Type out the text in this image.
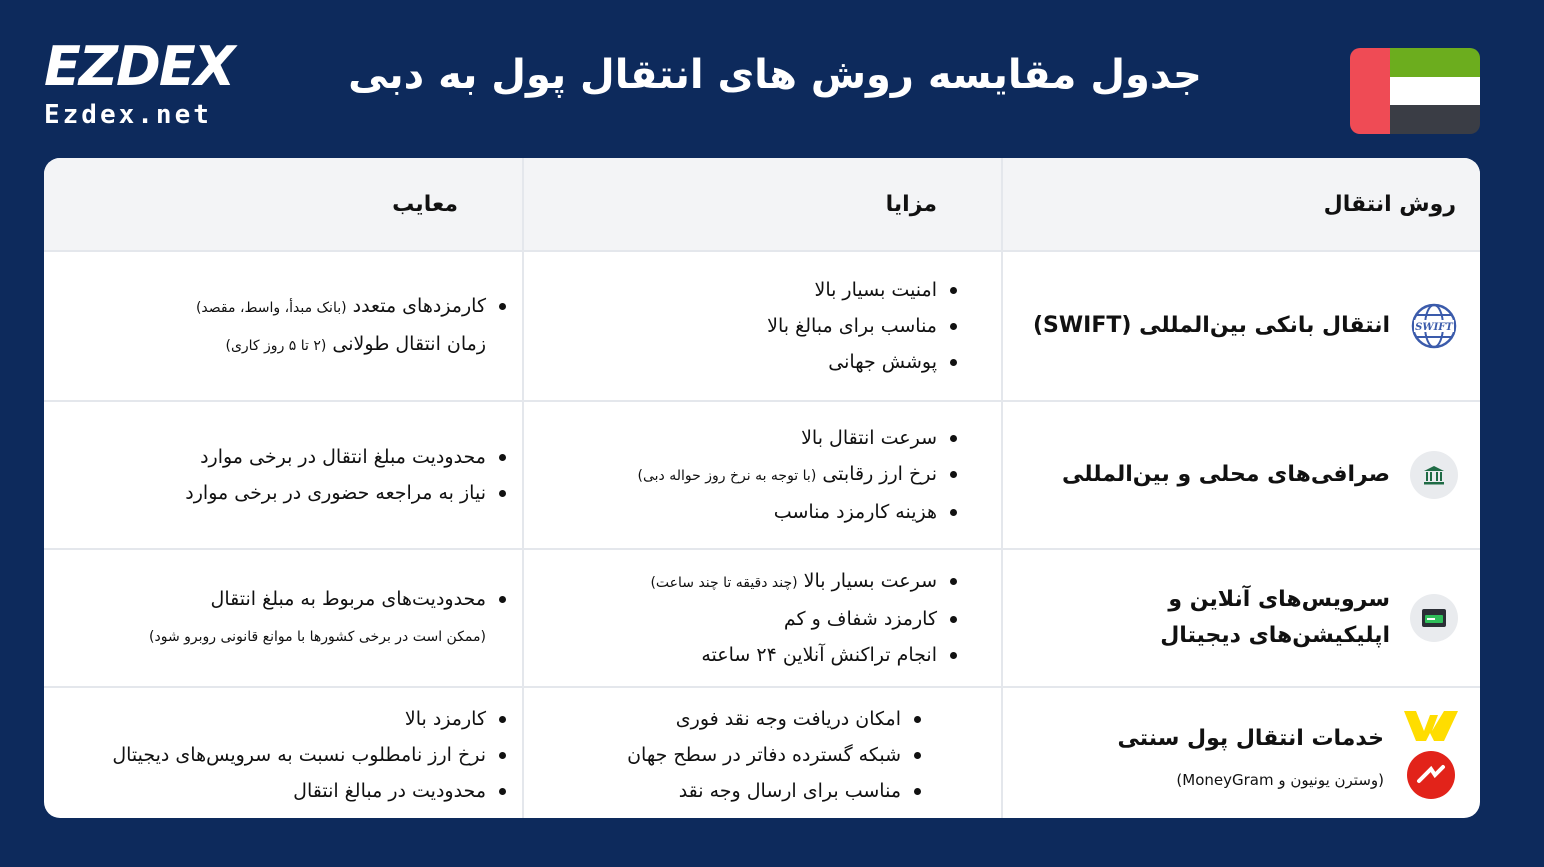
EZDEX
Ezdex.net
جدول مقایسه روش های انتقال پول به دبی
روش انتقال
مزایا
معایب
SWIFT
انتقال بانکی بین‌المللی (SWIFT)
امنیت بسیار بالا
مناسب برای مبالغ بالا
پوشش جهانی
کارمزدهای متعدد (بانک مبدأ، واسط، مقصد)
زمان انتقال طولانی (۲ تا ۵ روز کاری)
صرافی‌های محلی و بین‌المللی
سرعت انتقال بالا
نرخ ارز رقابتی (با توجه به نرخ روز حواله دبی)
هزینه کارمزد مناسب
محدودیت مبلغ انتقال در برخی موارد
نیاز به مراجعه حضوری در برخی موارد
سرویس‌های آنلاین و اپلیکیشن‌های دیجیتال
سرعت بسیار بالا (چند دقیقه تا چند ساعت)
کارمزد شفاف و کم
انجام تراکنش آنلاین ۲۴ ساعته
محدودیت‌های مربوط به مبلغ انتقال
(ممکن است در برخی کشورها با موانع قانونی روبرو شود)
خدمات انتقال پول سنتی
(وسترن یونیون و MoneyGram)
امکان دریافت وجه نقد فوری
شبکه گسترده دفاتر در سطح جهان
مناسب برای ارسال وجه نقد
کارمزد بالا
نرخ ارز نامطلوب نسبت به سرویس‌های دیجیتال
محدودیت در مبالغ انتقال
